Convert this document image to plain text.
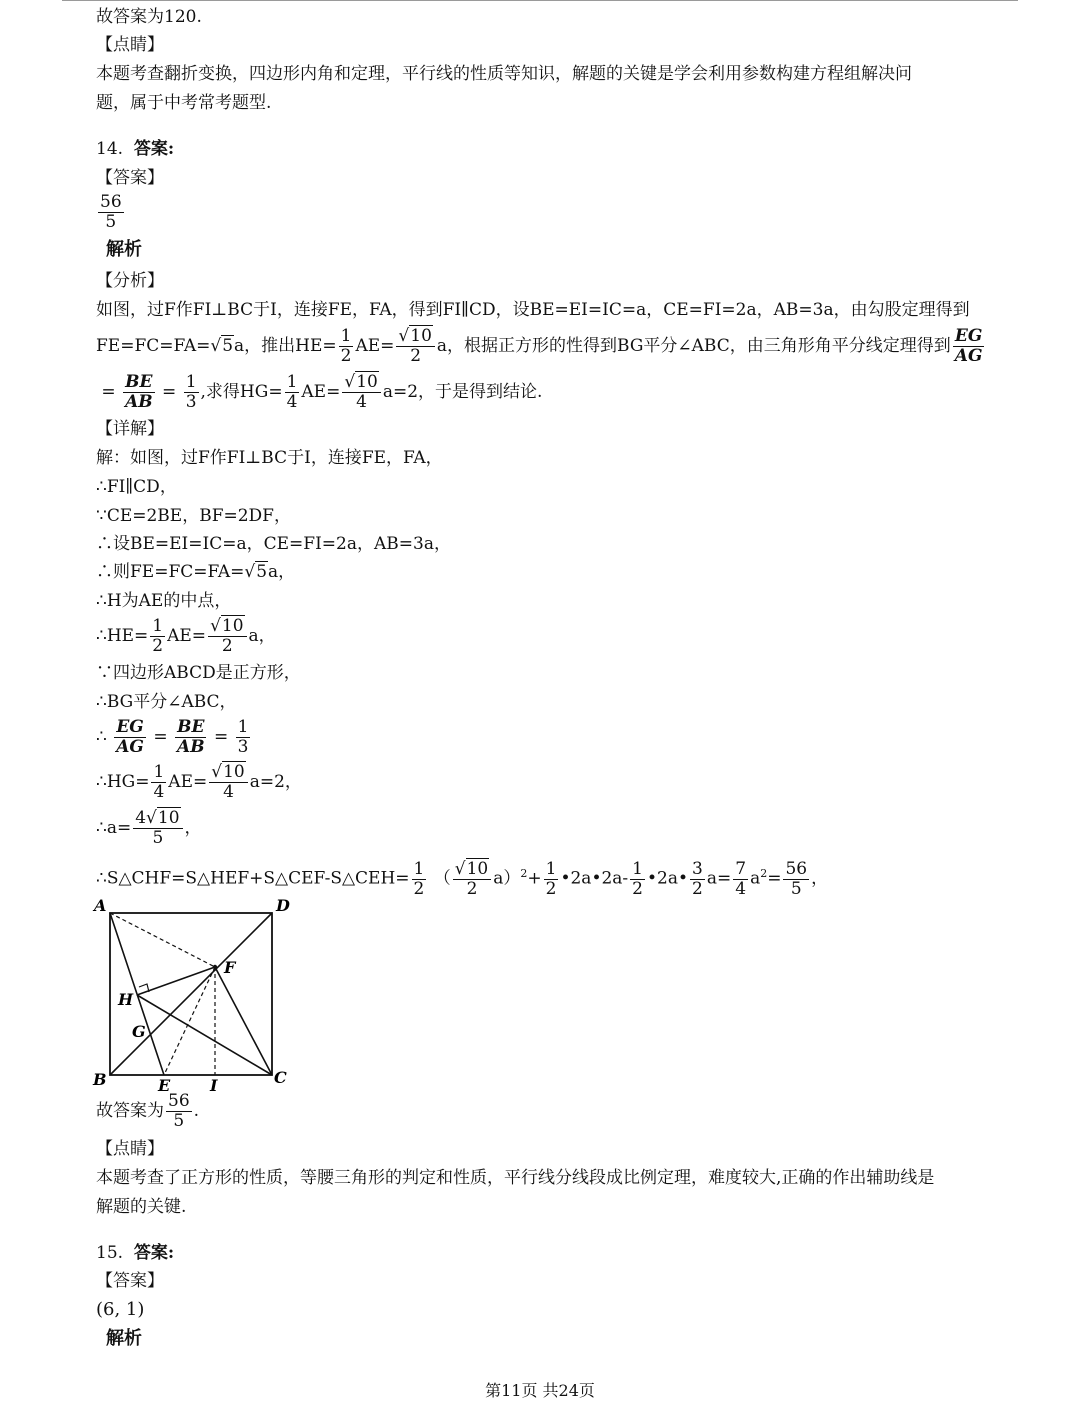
故答案为120.
【点睛】
本题考查翻折变换，四边形内角和定理，平行线的性质等知识，解题的关键是学会利用参数构建方程组解决问
题，属于中考常考题型.
14. 答案:
【答案】
$\frac{56}{5}$
解析
【分析】
如图，过F作FI⊥BC于I，连接FE，FA，得到FI∥CD，设BE=EI=IC=a，CE=FI=2a，AB=3a，由勾股定理得到
FE=FC=FA=√5a，推出$HE= \frac{1}{2} AE= \frac{√10}{2}$ a，根据正方形的性得到BG平分∠ABC，由三角形角平分线定理得到 $\frac{EG}{AG}$
= $\frac{BE}{AB} = \frac{1}{3}$ ,求得$HG= \frac{1}{4} AE= \frac{√10}{4} a=2$，于是得到结论.
【详解】
解：如图，过F作FI⊥BC于I，连接FE，FA，
∴FI∥CD，
∵CE=2BE，BF=2DF，
∴设BE=EI=IC=a，CE=FI=2a，AB=3a，
∴则FE=FC=FA=√5a，
∴H为AE的中点，
∴HE= $\frac{1}{2} AE= \frac{√10}{2}$ a，
∵四边形ABCD是正方形，
∴BG平分∠ABC，
∴ $\frac{EG}{AG} = \frac{BE}{AB} = \frac{1}{3}$
∴HG= $\frac{1}{4} AE= \frac{√10}{4} a=2$，
∴a= $\frac{4√10}{5}$ ，
∴S△CHF=S△HEF+S△CEF-S△CEH= $\frac{1}{2}$ （ $\frac{√10}{2} a)^2+ \frac{1}{2}$ •2a•2a- $\frac{1}{2}$ •2a• $\frac{3}{2} a= \frac{7}{4} a^2= \frac{56}{5}$ ，
A	D
B	C
E I
F
H
G
故答案为 $\frac{56}{5}$ .
【点睛】
本题考查了正方形的性质，等腰三角形的判定和性质，平行线分线段成比例定理，难度较大,正确的作出辅助线是
解题的关键.
15. 答案:
【答案】
(6, 1)
解析
第11页 共24页
